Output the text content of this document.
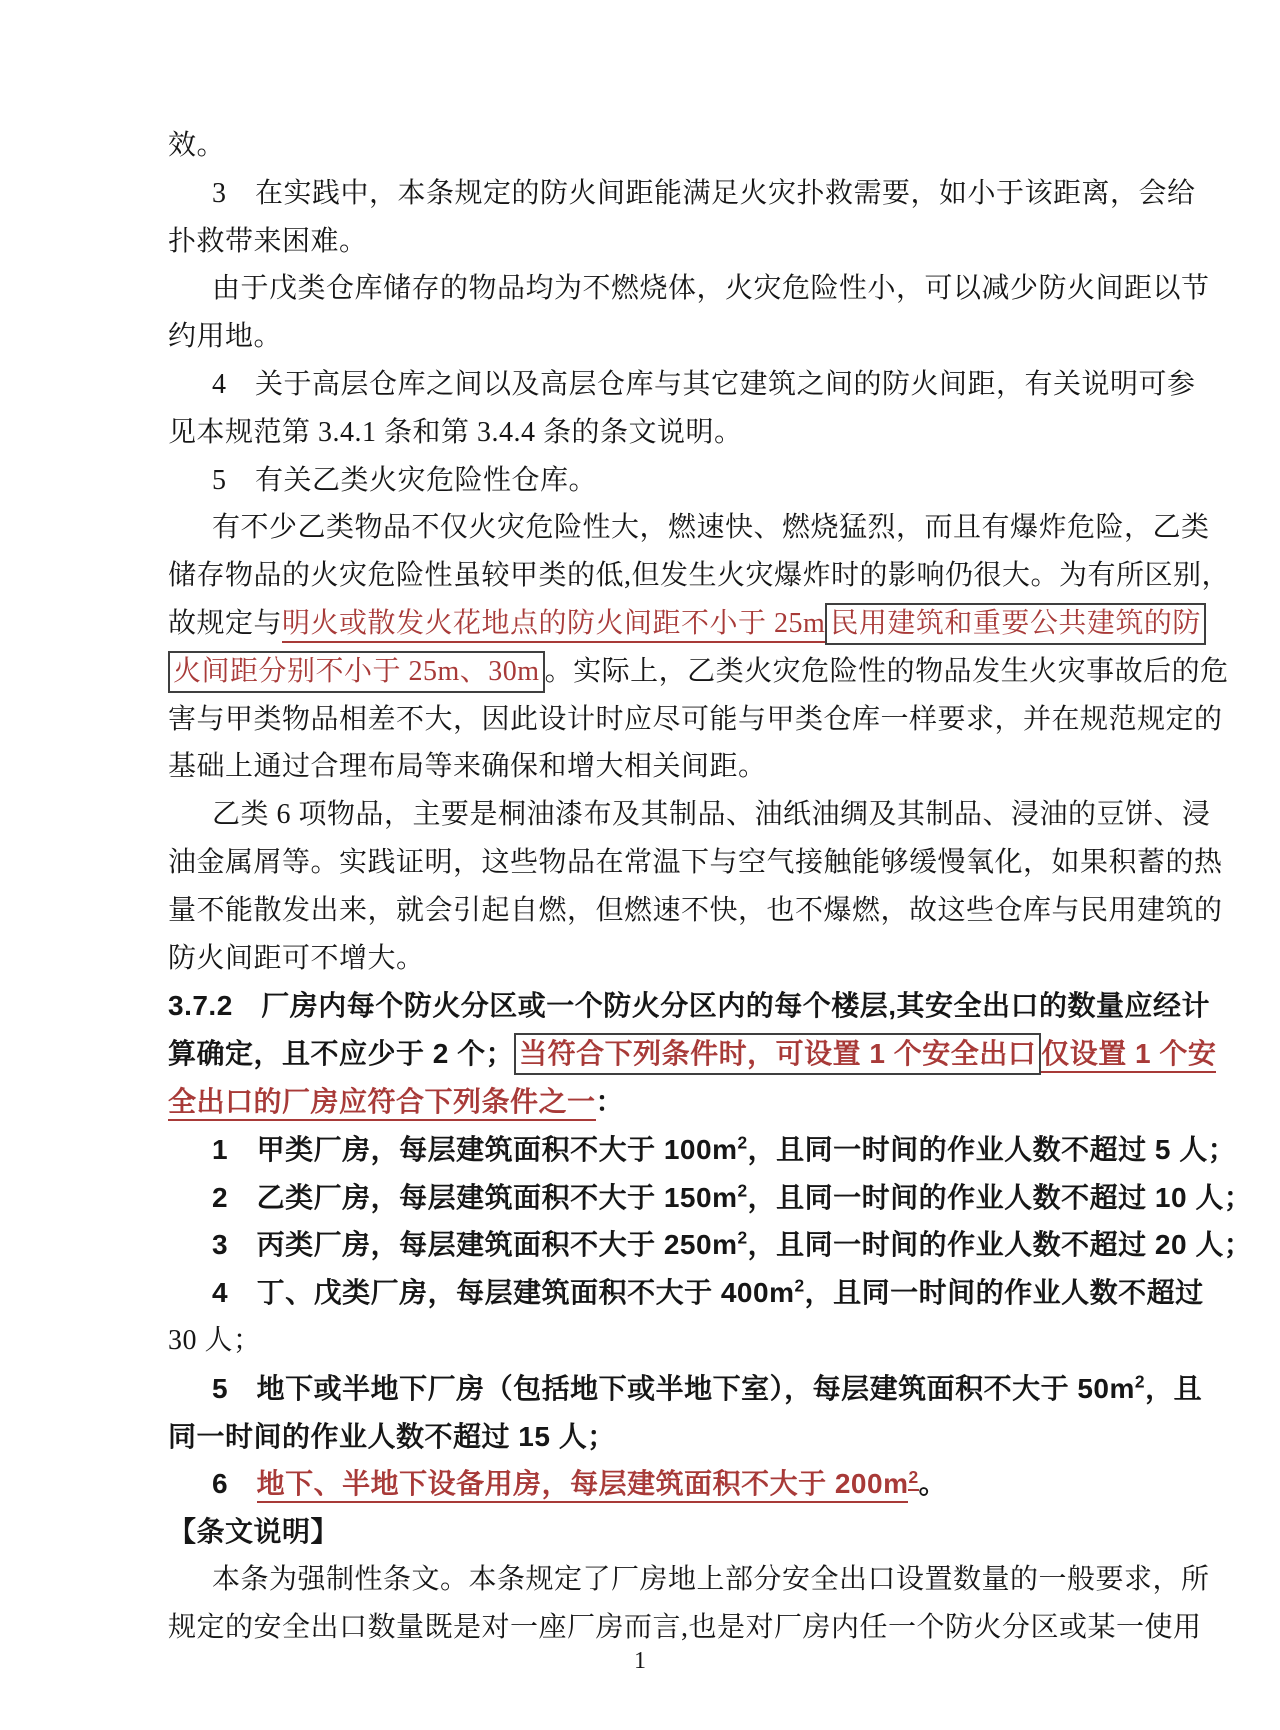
效。
3　在实践中，本条规定的防火间距能满足火灾扑救需要，如小于该距离，会给
扑救带来困难。
由于戊类仓库储存的物品均为不燃烧体，火灾危险性小，可以减少防火间距以节
约用地。
4　关于高层仓库之间以及高层仓库与其它建筑之间的防火间距，有关说明可参
见本规范第 3.4.1 条和第 3.4.4 条的条文说明。
5　有关乙类火灾危险性仓库。
有不少乙类物品不仅火灾危险性大，燃速快、燃烧猛烈，而且有爆炸危险，乙类
储存物品的火灾危险性虽较甲类的低,但发生火灾爆炸时的影响仍很大。为有所区别，
故规定与明火或散发火花地点的防火间距不小于 25m 民用建筑和重要公共建筑的防
火间距分别不小于 25m、30m 。实际上，乙类火灾危险性的物品发生火灾事故后的危
害与甲类物品相差不大，因此设计时应尽可能与甲类仓库一样要求，并在规范规定的
基础上通过合理布局等来确保和增大相关间距。
乙类 6 项物品，主要是桐油漆布及其制品、油纸油绸及其制品、浸油的豆饼、浸
油金属屑等。实践证明，这些物品在常温下与空气接触能够缓慢氧化，如果积蓄的热
量不能散发出来，就会引起自燃，但燃速不快，也不爆燃，故这些仓库与民用建筑的
防火间距可不增大。
3.7.2　厂房内每个防火分区或一个防火分区内的每个楼层,其安全出口的数量应经计
算确定，且不应少于 2 个； 当符合下列条件时，可设置 1 个安全出口 仅设置 1 个安
全出口的厂房应符合下列条件之一：
1　甲类厂房，每层建筑面积不大于 $100m^2$，且同一时间的作业人数不超过 5 人；
2　乙类厂房，每层建筑面积不大于 $150m^2$，且同一时间的作业人数不超过 10 人；
3　丙类厂房，每层建筑面积不大于 $250m^2$，且同一时间的作业人数不超过 20 人；
4　丁、戊类厂房，每层建筑面积不大于 $400m^2$，且同一时间的作业人数不超过
30 人；
5　地下或半地下厂房（包括地下或半地下室），每层建筑面积不大于 $50m^2$，且
同一时间的作业人数不超过 15 人；
6　地下、半地下设备用房，每层建筑面积不大于 $200m^2$。
【条文说明】
本条为强制性条文。本条规定了厂房地上部分安全出口设置数量的一般要求，所
规定的安全出口数量既是对一座厂房而言,也是对厂房内任一个防火分区或某一使用
1
